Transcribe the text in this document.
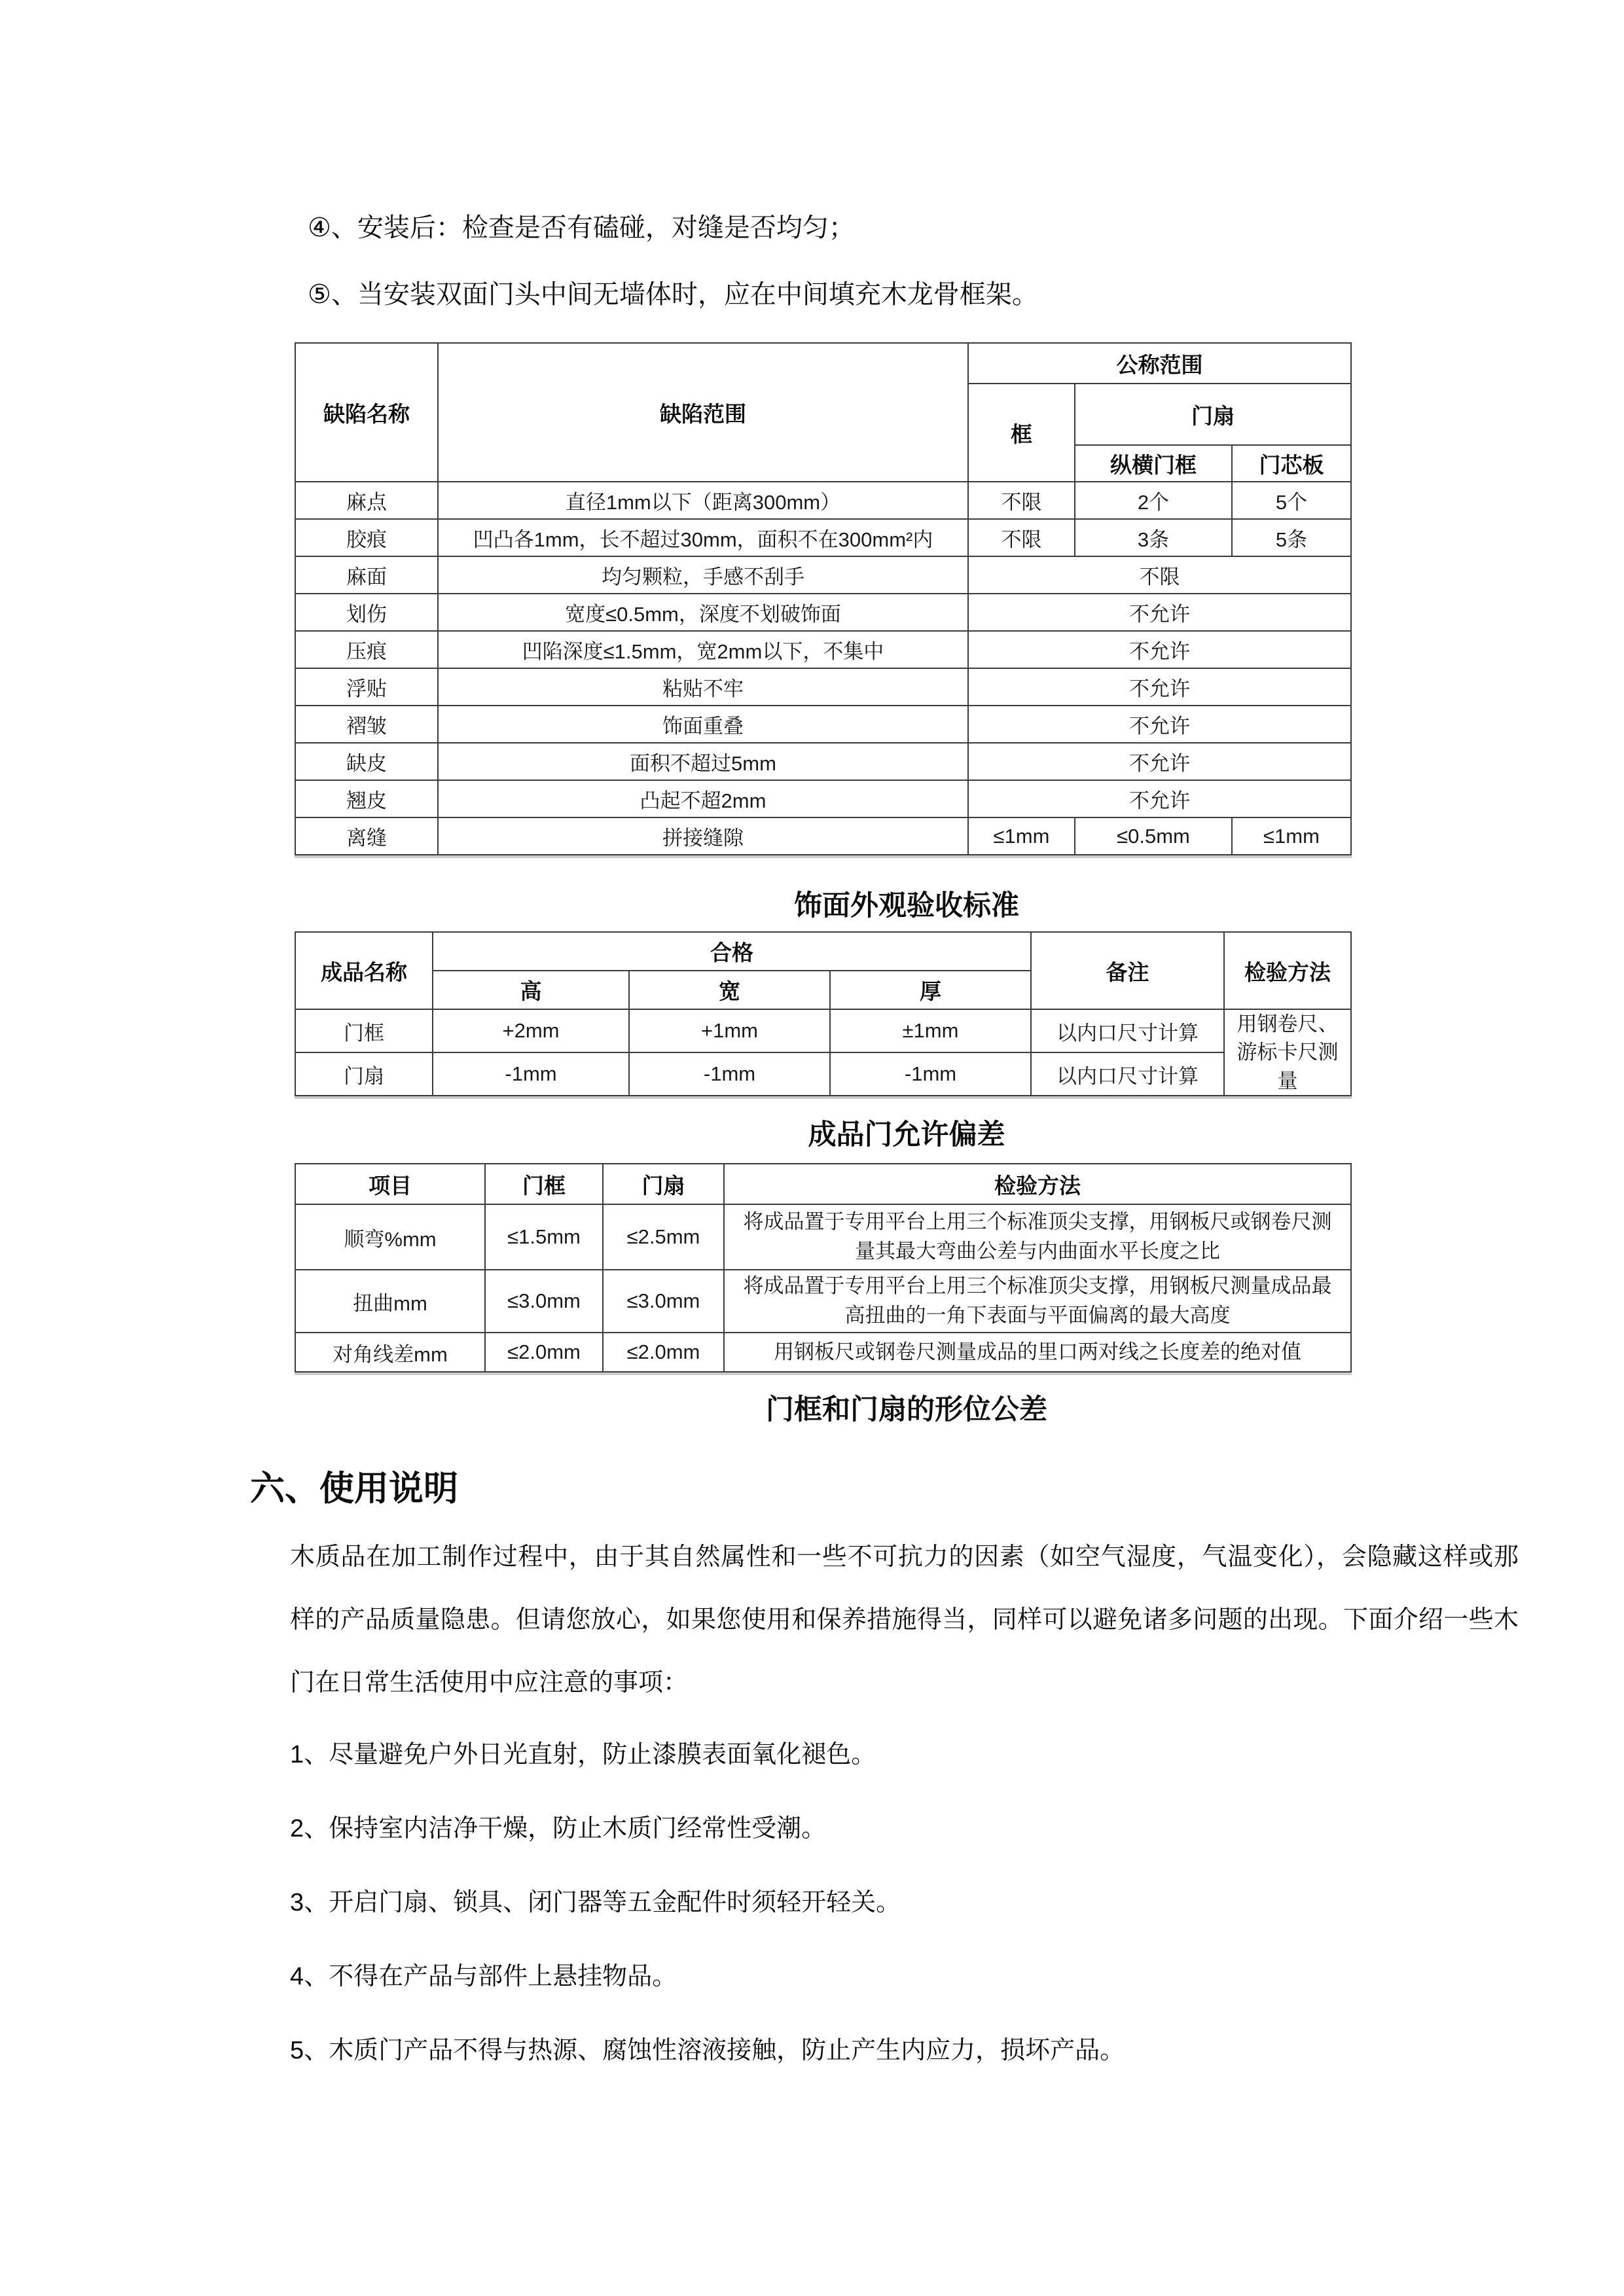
④、安装后：检查是否有磕碰，对缝是否均匀；
⑤、当安装双面门头中间无墙体时，应在中间填充木龙骨框架。
缺陷名称	缺陷范围	公称范围		
		框	门扇	
			纵横门框	门芯板
麻点	直径1mm以下（距离300mm）	不限	2个	5个
胶痕	凹凸各1mm，长不超过30mm，面积不在300mm²内	不限	3条	5条
麻面	均匀颗粒，手感不刮手	不限		
划伤	宽度≤0.5mm，深度不划破饰面	不允许		
压痕	凹陷深度≤1.5mm，宽2mm以下，不集中	不允许		
浮贴	粘贴不牢	不允许		
褶皱	饰面重叠	不允许		
缺皮	面积不超过5mm	不允许		
翘皮	凸起不超2mm	不允许		
离缝	拼接缝隙	≤1mm	≤0.5mm	≤1mm
饰面外观验收标准
成品名称	合格			备注	检验方法
	高	宽	厚		
门框	+2mm	+1mm	±1mm	以内口尺寸计算	用钢卷尺、游标卡尺测量
门扇	-1mm	-1mm	-1mm	以内口尺寸计算	
成品门允许偏差
项目	门框	门扇	检验方法
顺弯%mm	≤1.5mm	≤2.5mm	将成品置于专用平台上用三个标准顶尖支撑，用钢板尺或钢卷尺测量其最大弯曲公差与内曲面水平长度之比
扭曲mm	≤3.0mm	≤3.0mm	将成品置于专用平台上用三个标准顶尖支撑，用钢板尺测量成品最高扭曲的一角下表面与平面偏离的最大高度
对角线差mm	≤2.0mm	≤2.0mm	用钢板尺或钢卷尺测量成品的里口两对线之长度差的绝对值
门框和门扇的形位公差
六、使用说明
木质品在加工制作过程中，由于其自然属性和一些不可抗力的因素（如空气湿度，气温变化），会隐藏这样或那样的产品质量隐患。但请您放心，如果您使用和保养措施得当，同样可以避免诸多问题的出现。下面介绍一些木门在日常生活使用中应注意的事项：
1、尽量避免户外日光直射，防止漆膜表面氧化褪色。
2、保持室内洁净干燥，防止木质门经常性受潮。
3、开启门扇、锁具、闭门器等五金配件时须轻开轻关。
4、不得在产品与部件上悬挂物品。
5、木质门产品不得与热源、腐蚀性溶液接触，防止产生内应力，损坏产品。
